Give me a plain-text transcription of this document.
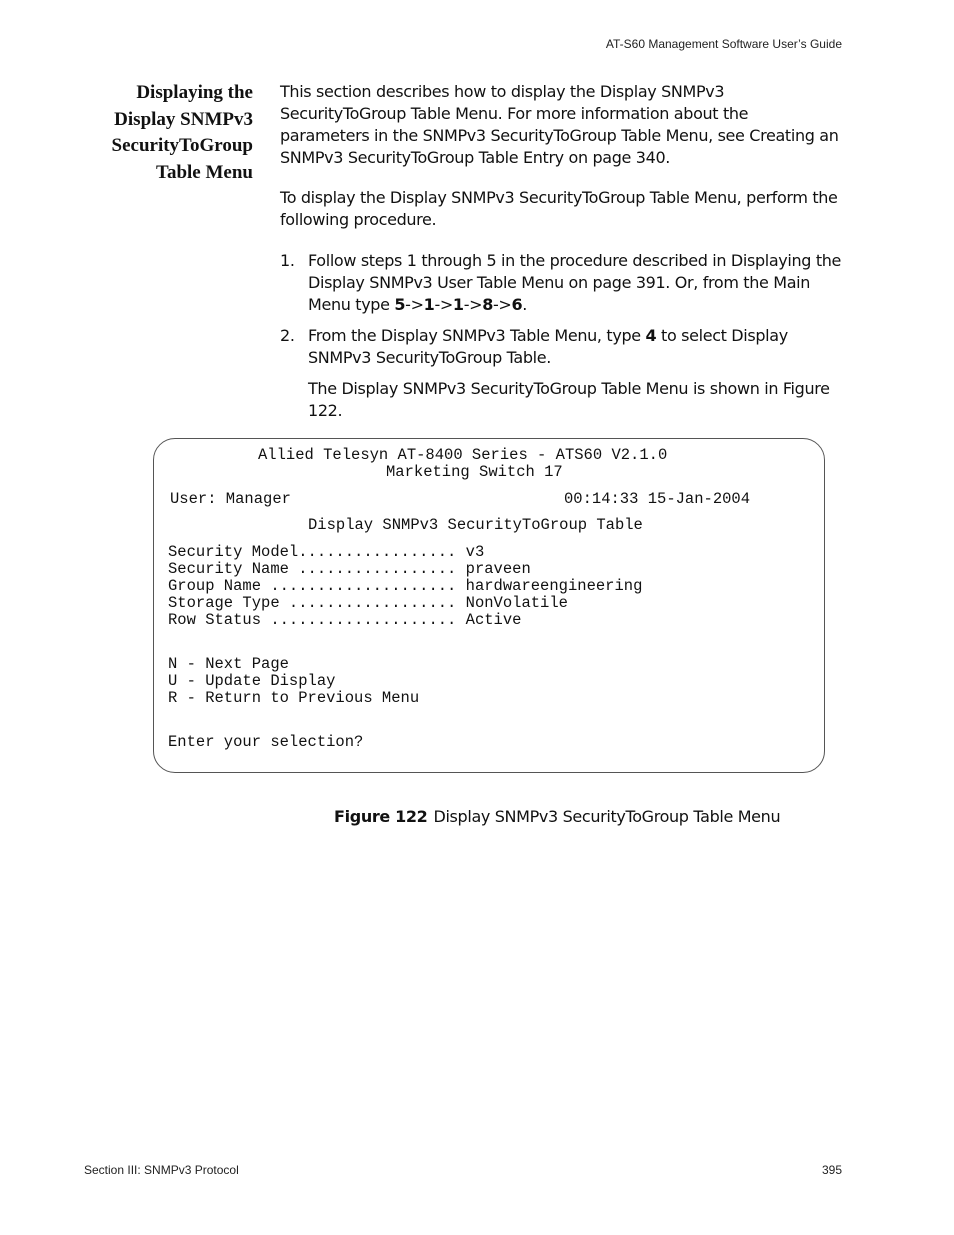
AT-S60 Management Software User’s Guide
Displaying the
Display SNMPv3
SecurityToGroup
Table Menu
This section describes how to display the Display SNMPv3 SecurityToGroup Table Menu. For more information about the parameters in the SNMPv3 SecurityToGroup Table Menu, see Creating an SNMPv3 SecurityToGroup Table Entry on page 340.
To display the Display SNMPv3 SecurityToGroup Table Menu, perform the following procedure.
1. Follow steps 1 through 5 in the procedure described in Displaying the Display SNMPv3 User Table Menu on page 391. Or, from the Main Menu type 5->1->1->8->6.
2. From the Display SNMPv3 Table Menu, type 4 to select Display SNMPv3 SecurityToGroup Table.
The Display SNMPv3 SecurityToGroup Table Menu is shown in Figure 122.
Allied Telesyn AT-8400 Series - ATS60 V2.1.0
Marketing Switch 17
User: Manager	00:14:33 15-Jan-2004
Display SNMPv3 SecurityToGroup Table
Security Model................. v3
Security Name ................. praveen
Group Name .................... hardwareengineering
Storage Type .................. NonVolatile
Row Status .................... Active
N - Next Page
U - Update Display
R - Return to Previous Menu
Enter your selection?
Figure 122 Display SNMPv3 SecurityToGroup Table Menu
Section III: SNMPv3 Protocol	395
